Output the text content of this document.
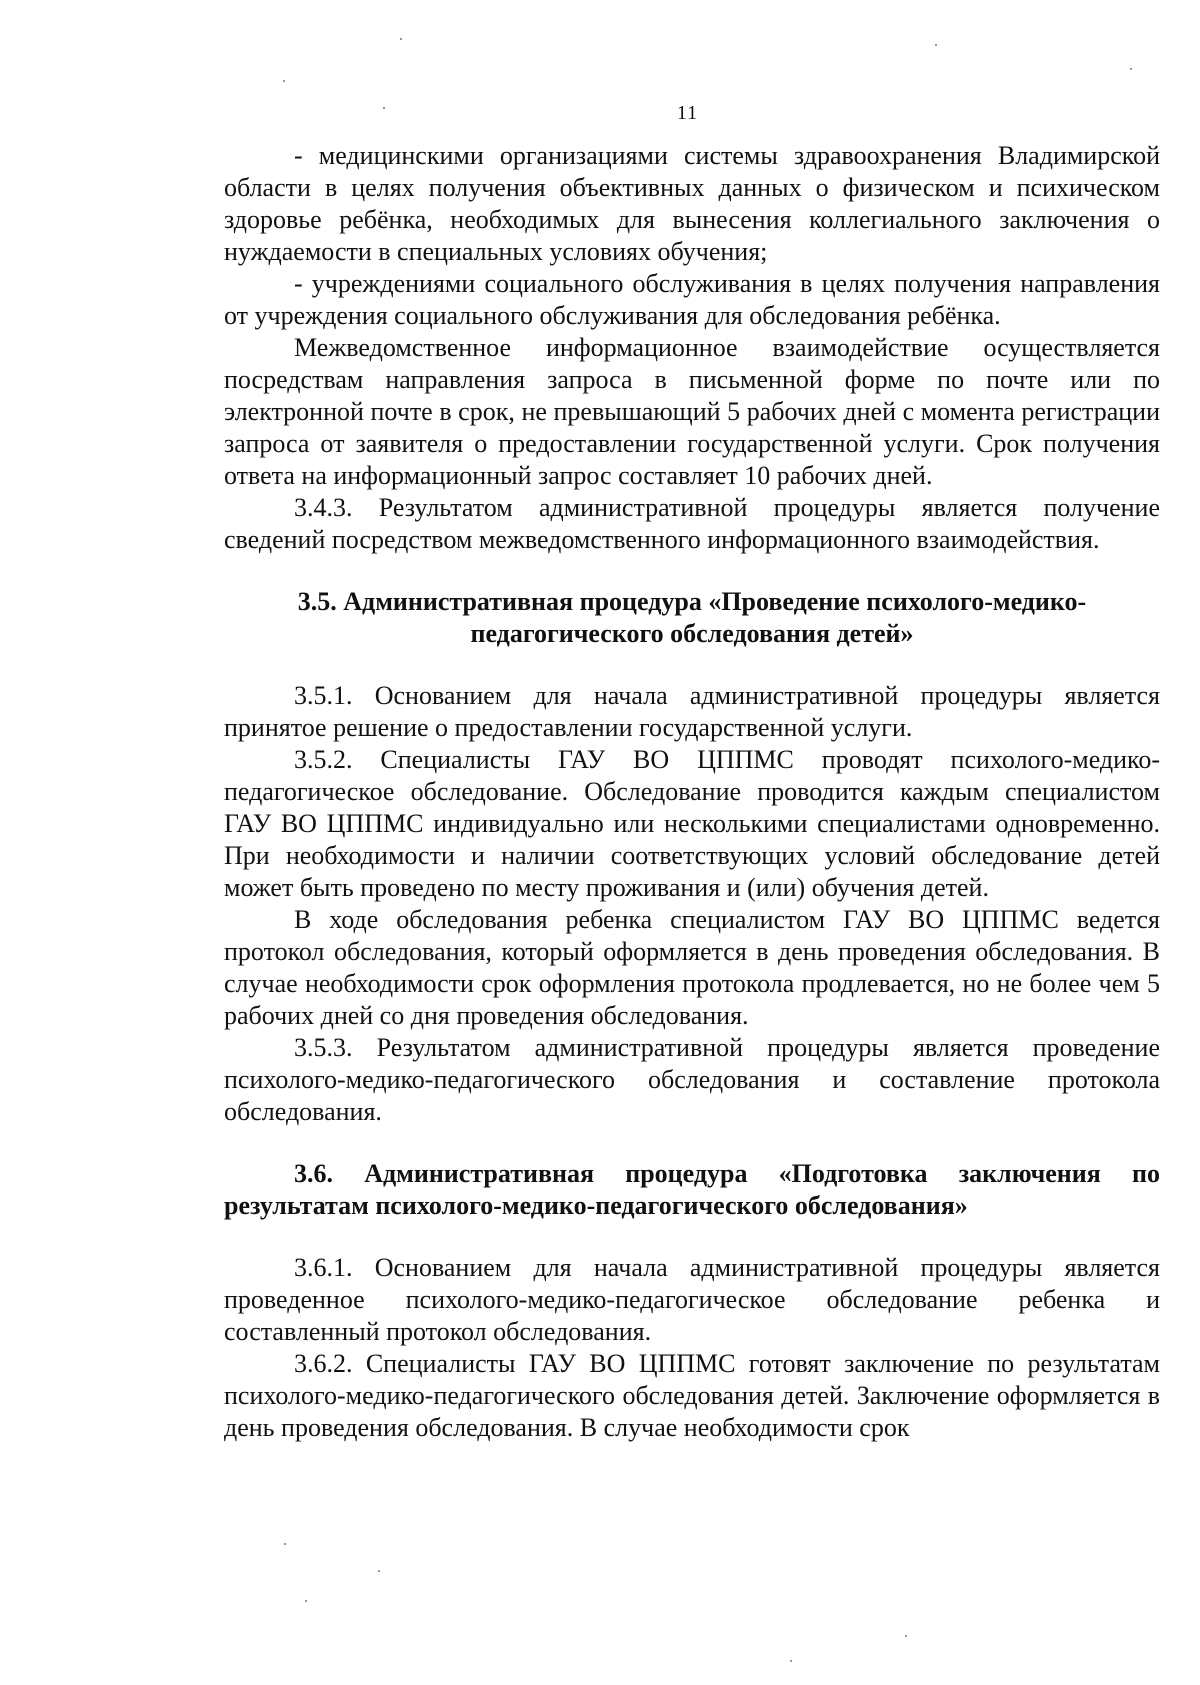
11

- медицинскими организациями системы здравоохранения Владимирской области в целях получения объективных данных о физическом и психическом здоровье ребёнка, необходимых для вынесения коллегиального заключения о нуждаемости в специальных условиях обучения;

- учреждениями социального обслуживания в целях получения направления от учреждения социального обслуживания для обследования ребёнка.

Межведомственное информационное взаимодействие осуществляется посредствам направления запроса в письменной форме по почте или по электронной почте в срок, не превышающий 5 рабочих дней с момента регистрации запроса от заявителя о предоставлении государственной услуги. Срок получения ответа на информационный запрос составляет 10 рабочих дней.

3.4.3. Результатом административной процедуры является получение сведений посредством межведомственного информационного взаимодействия.

3.5. Административная процедура «Проведение психолого-медико-педагогического обследования детей»

3.5.1. Основанием для начала административной процедуры является принятое решение о предоставлении государственной услуги.

3.5.2. Специалисты ГАУ ВО ЦППМС проводят психолого-медико-педагогическое обследование. Обследование проводится каждым специалистом ГАУ ВО ЦППМС индивидуально или несколькими специалистами одновременно. При необходимости и наличии соответствующих условий обследование детей может быть проведено по месту проживания и (или) обучения детей.

В ходе обследования ребенка специалистом ГАУ ВО ЦППМС ведется протокол обследования, который оформляется в день проведения обследования. В случае необходимости срок оформления протокола продлевается, но не более чем 5 рабочих дней со дня проведения обследования.

3.5.3. Результатом административной процедуры является проведение психолого-медико-педагогического обследования и составление протокола обследования.

3.6. Административная процедура «Подготовка заключения по результатам психолого-медико-педагогического обследования»

3.6.1. Основанием для начала административной процедуры является проведенное психолого-медико-педагогическое обследование ребенка и составленный протокол обследования.

3.6.2. Специалисты ГАУ ВО ЦППМС готовят заключение по результатам психолого-медико-педагогического обследования детей. Заключение оформляется в день проведения обследования. В случае необходимости срок
